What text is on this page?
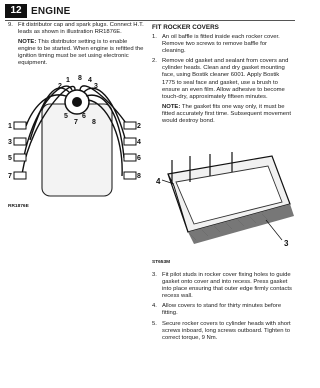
12 ENGINE
9. Fit distributor cap and spark plugs. Connect H.T. leads as shown in illustration RR1876E.
NOTE: This distributor setting is to enable engine to be started. When engine is refitted the ignition timing must be set using electronic equipment.
1 8 4
2	3
5 6
7 8
1	2
3	4
5	6
7	8
RR1876E
FIT ROCKER COVERS
1. An oil baffle is fitted inside each rocker cover. Remove two screws to remove baffle for cleaning.
2. Remove old gasket and sealant from covers and cylinder heads. Clean and dry gasket mounting face, using Bostik cleaner 6001. Apply Bostik 1775 to seal face and gasket, use a brush to ensure an even film. Allow adhesive to become touch-dry, approximately fifteen minutes.
NOTE: The gasket fits one way only, it must be fitted accurately first time. Subsequent movement would destroy bond.
4
3
ST653M
3. Fit pilot studs in rocker cover fixing holes to guide gasket onto cover and into recess. Press gasket into place ensuring that outer edge firmly contacts recess wall.
4. Allow covers to stand for thirty minutes before fitting.
5. Secure rocker covers to cylinder heads with short screws inboard, long screws outboard. Tighten to correct torque, 9 Nm.
